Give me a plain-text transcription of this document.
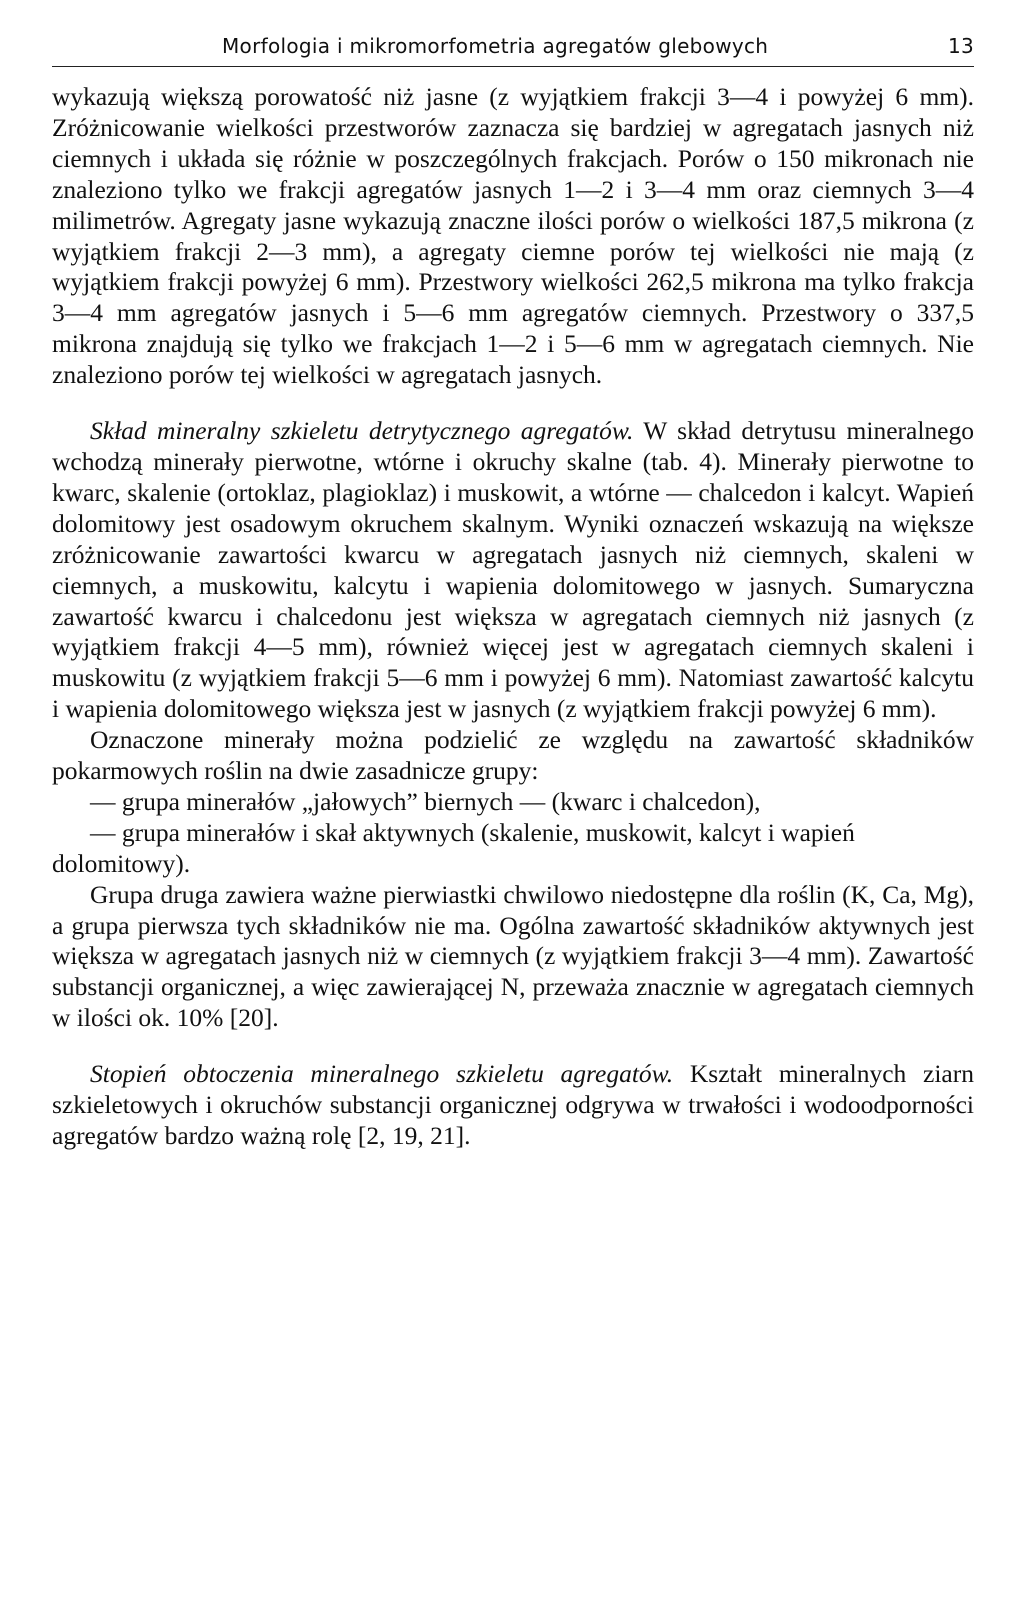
Morfologia i mikromorfometria agregatów glebowych	13

wykazują większą porowatość niż jasne (z wyjątkiem frakcji 3—4 i powyżej 6 mm). Zróżnicowanie wielkości przestworów zaznacza się bardziej w agregatach jasnych niż ciemnych i układa się różnie w poszczególnych frakcjach. Porów o 150 mikronach nie znaleziono tylko we frakcji agregatów jasnych 1—2 i 3—4 mm oraz ciemnych 3—4 milimetrów. Agregaty jasne wykazują znaczne ilości porów o wielkości 187,5 mikrona (z wyjątkiem frakcji 2—3 mm), a agregaty ciemne porów tej wielkości nie mają (z wyjątkiem frakcji powyżej 6 mm). Przestwory wielkości 262,5 mikrona ma tylko frakcja 3—4 mm agregatów jasnych i 5—6 mm agregatów ciemnych. Przestwory o 337,5 mikrona znajdują się tylko we frakcjach 1—2 i 5—6 mm w agregatach ciemnych. Nie znaleziono porów tej wielkości w agregatach jasnych.

Skład mineralny szkieletu detrytycznego agregatów. W skład detrytusu mineralnego wchodzą minerały pierwotne, wtórne i okruchy skalne (tab. 4). Minerały pierwotne to kwarc, skalenie (ortoklaz, plagioklaz) i muskowit, a wtórne — chalcedon i kalcyt. Wapień dolomitowy jest osadowym okruchem skalnym. Wyniki oznaczeń wskazują na większe zróżnicowanie zawartości kwarcu w agregatach jasnych niż ciemnych, skaleni w ciemnych, a muskowitu, kalcytu i wapienia dolomitowego w jasnych. Sumaryczna zawartość kwarcu i chalcedonu jest większa w agregatach ciemnych niż jasnych (z wyjątkiem frakcji 4—5 mm), również więcej jest w agregatach ciemnych skaleni i muskowitu (z wyjątkiem frakcji 5—6 mm i powyżej 6 mm). Natomiast zawartość kalcytu i wapienia dolomitowego większa jest w jasnych (z wyjątkiem frakcji powyżej 6 mm).

Oznaczone minerały można podzielić ze względu na zawartość składników pokarmowych roślin na dwie zasadnicze grupy:

— grupa minerałów „jałowych” biernych — (kwarc i chalcedon),

— grupa minerałów i skał aktywnych (skalenie, muskowit, kalcyt i wapień dolomitowy).

Grupa druga zawiera ważne pierwiastki chwilowo niedostępne dla roślin (K, Ca, Mg), a grupa pierwsza tych składników nie ma. Ogólna zawartość składników aktywnych jest większa w agregatach jasnych niż w ciemnych (z wyjątkiem frakcji 3—4 mm). Zawartość substancji organicznej, a więc zawierającej N, przeważa znacznie w agregatach ciemnych w ilości ok. 10% [20].

Stopień obtoczenia mineralnego szkieletu agregatów. Kształt mineralnych ziarn szkieletowych i okruchów substancji organicznej odgrywa w trwałości i wodoodporności agregatów bardzo ważną rolę [2, 19, 21].
